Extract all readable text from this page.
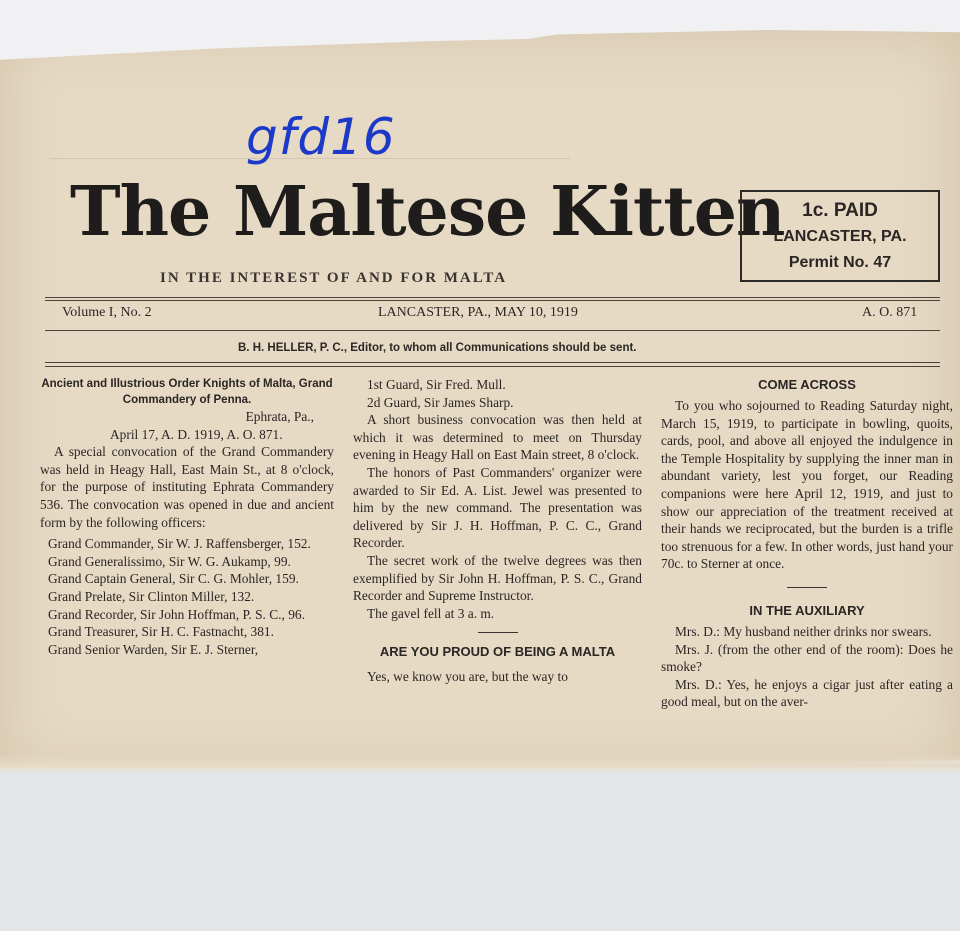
gfd16
The Maltese Kitten
IN THE INTEREST OF AND FOR MALTA
1c. PAID
LANCASTER, PA.
Permit No. 47
Volume I, No. 2	LANCASTER, PA., MAY 10, 1919	A. O. 871
B. H. HELLER, P. C., Editor, to whom all Communications should be sent.

Ancient and Illustrious Order Knights of Malta, Grand Commandery of Penna.

Ephrata, Pa.,

April 17, A. D. 1919, A. O. 871.

A special convocation of the Grand Commandery was held in Heagy Hall, East Main St., at 8 o'clock, for the purpose of instituting Ephrata Commandery 536. The convocation was opened in due and ancient form by the following officers:

Grand Commander, Sir W. J. Raffensberger, 152.

Grand Generalissimo, Sir W. G. Aukamp, 99.

Grand Captain General, Sir C. G. Mohler, 159.

Grand Prelate, Sir Clinton Miller, 132.

Grand Recorder, Sir John Hoffman, P. S. C., 96.

Grand Treasurer, Sir H. C. Fastnacht, 381.

Grand Senior Warden, Sir E. J. Sterner,

1st Guard, Sir Fred. Mull.

2d Guard, Sir James Sharp.

A short business convocation was then held at which it was determined to meet on Thursday evening in Heagy Hall on East Main street, 8 o'clock.

The honors of Past Commanders' organizer were awarded to Sir Ed. A. List. Jewel was presented to him by the new command. The presentation was delivered by Sir J. H. Hoffman, P. C. C., Grand Recorder.

The secret work of the twelve degrees was then exemplified by Sir John H. Hoffman, P. S. C., Grand Recorder and Supreme Instructor.

The gavel fell at 3 a. m.

ARE YOU PROUD OF BEING A MALTA

Yes, we know you are, but the way to

COME ACROSS

To you who sojourned to Reading Saturday night, March 15, 1919, to participate in bowling, quoits, cards, pool, and above all enjoyed the indulgence in the Temple Hospitality by supplying the inner man in abundant variety, lest you forget, our Reading companions were here April 12, 1919, and just to show our appreciation of the treatment received at their hands we reciprocated, but the burden is a trifle too strenuous for a few. In other words, just hand your 70c. to Sterner at once.

IN THE AUXILIARY

Mrs. D.: My husband neither drinks nor swears.

Mrs. J. (from the other end of the room): Does he smoke?

Mrs. D.: Yes, he enjoys a cigar just after eating a good meal, but on the aver-
